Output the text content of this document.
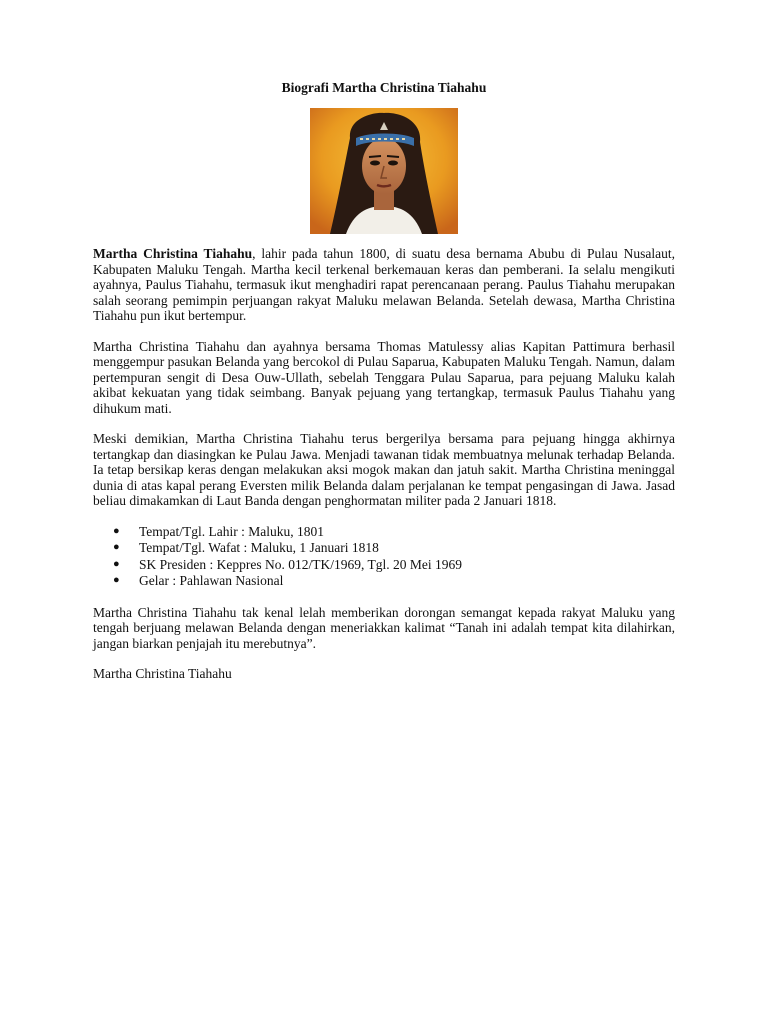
Biografi Martha Christina Tiahahu

Martha Christina Tiahahu, lahir pada tahun 1800, di suatu desa bernama Abubu di Pulau Nusalaut, Kabupaten Maluku Tengah. Martha kecil terkenal berkemauan keras dan pemberani. Ia selalu mengikuti ayahnya, Paulus Tiahahu, termasuk ikut menghadiri rapat perencanaan perang. Paulus Tiahahu merupakan salah seorang pemimpin perjuangan rakyat Maluku melawan Belanda. Setelah dewasa, Martha Christina Tiahahu pun ikut bertempur.

Martha Christina Tiahahu dan ayahnya bersama Thomas Matulessy alias Kapitan Pattimura berhasil menggempur pasukan Belanda yang bercokol di Pulau Saparua, Kabupaten Maluku Tengah. Namun, dalam pertempuran sengit di Desa Ouw-Ullath, sebelah Tenggara Pulau Saparua, para pejuang Maluku kalah akibat kekuatan yang tidak seimbang. Banyak pejuang yang tertangkap, termasuk Paulus Tiahahu yang dihukum mati.

Meski demikian, Martha Christina Tiahahu terus bergerilya bersama para pejuang hingga akhirnya tertangkap dan diasingkan ke Pulau Jawa. Menjadi tawanan tidak membuatnya melunak terhadap Belanda. Ia tetap bersikap keras dengan melakukan aksi mogok makan dan jatuh sakit. Martha Christina meninggal dunia di atas kapal perang Eversten milik Belanda dalam perjalanan ke tempat pengasingan di Jawa. Jasad beliau dimakamkan di Laut Banda dengan penghormatan militer pada 2 Januari 1818.

● Tempat/Tgl. Lahir : Maluku, 1801
● Tempat/Tgl. Wafat : Maluku, 1 Januari 1818
● SK Presiden : Keppres No. 012/TK/1969, Tgl. 20 Mei 1969
● Gelar : Pahlawan Nasional

Martha Christina Tiahahu tak kenal lelah memberikan dorongan semangat kepada rakyat Maluku yang tengah berjuang melawan Belanda dengan meneriakkan kalimat “Tanah ini adalah tempat kita dilahirkan, jangan biarkan penjajah itu merebutnya”.

Martha Christina Tiahahu
